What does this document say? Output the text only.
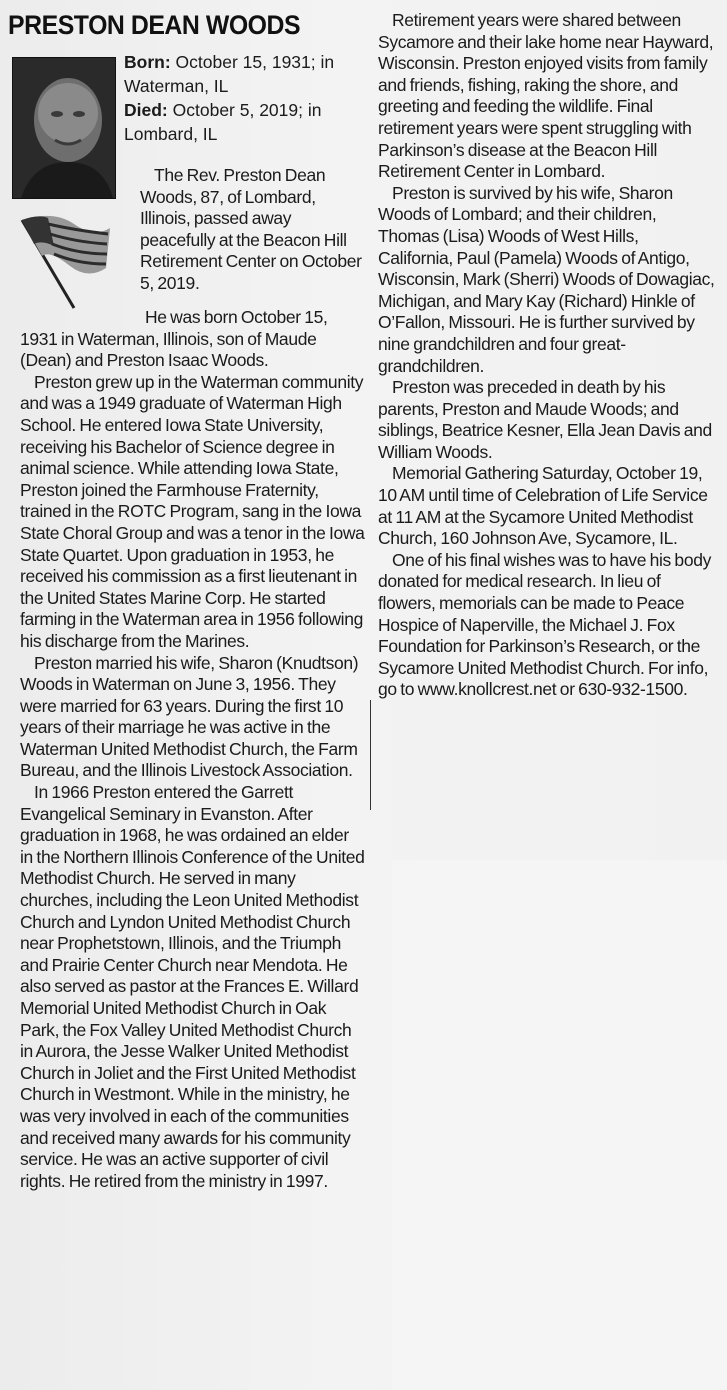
PRESTON DEAN WOODS

Born: October 15, 1931; in Waterman, IL

Died: October 5, 2019; in Lombard, IL

The Rev. Preston Dean Woods, 87, of Lombard, Illinois, passed away peacefully at the Beacon Hill Retirement Center on October 5, 2019.

He was born October 15, 1931 in Waterman, Illinois, son of Maude (Dean) and Preston Isaac Woods.

Preston grew up in the Waterman community and was a 1949 graduate of Waterman High School. He entered Iowa State University, receiving his Bachelor of Science degree in animal science. While attending Iowa State, Preston joined the Farmhouse Fraternity, trained in the ROTC Program, sang in the Iowa State Choral Group and was a tenor in the Iowa State Quartet. Upon graduation in 1953, he received his commission as a first lieutenant in the United States Marine Corp. He started farming in the Waterman area in 1956 following his discharge from the Marines.

Preston married his wife, Sharon (Knudtson) Woods in Waterman on June 3, 1956. They were married for 63 years. During the first 10 years of their marriage he was active in the Waterman United Methodist Church, the Farm Bureau, and the Illinois Livestock Association.

In 1966 Preston entered the Garrett Evangelical Seminary in Evanston. After graduation in 1968, he was ordained an elder in the Northern Illinois Conference of the United Methodist Church. He served in many churches, including the Leon United Methodist Church and Lyndon United Methodist Church near Prophetstown, Illinois, and the Triumph and Prairie Center Church near Mendota. He also served as pastor at the Frances E. Willard Memorial United Methodist Church in Oak Park, the Fox Valley United Methodist Church in Aurora, the Jesse Walker United Methodist Church in Joliet and the First United Methodist Church in Westmont. While in the ministry, he was very involved in each of the communities and received many awards for his community service. He was an active supporter of civil rights. He retired from the ministry in 1997.

Retirement years were shared between Sycamore and their lake home near Hayward, Wisconsin. Preston enjoyed visits from family and friends, fishing, raking the shore, and greeting and feeding the wildlife. Final retirement years were spent struggling with Parkinson’s disease at the Beacon Hill Retirement Center in Lombard.

Preston is survived by his wife, Sharon Woods of Lombard; and their children, Thomas (Lisa) Woods of West Hills, California, Paul (Pamela) Woods of Antigo, Wisconsin, Mark (Sherri) Woods of Dowagiac, Michigan, and Mary Kay (Richard) Hinkle of O’Fallon, Missouri. He is further survived by nine grandchildren and four great-grandchildren.

Preston was preceded in death by his parents, Preston and Maude Woods; and siblings, Beatrice Kesner, Ella Jean Davis and William Woods.

Memorial Gathering Saturday, October 19, 10 AM until time of Celebration of Life Service at 11 AM at the Sycamore United Methodist Church, 160 Johnson Ave, Sycamore, IL.

One of his final wishes was to have his body donated for medical research. In lieu of flowers, memorials can be made to Peace Hospice of Naperville, the Michael J. Fox Foundation for Parkinson’s Research, or the Sycamore United Methodist Church. For info, go to www.knollcrest.net or 630-932-1500.
